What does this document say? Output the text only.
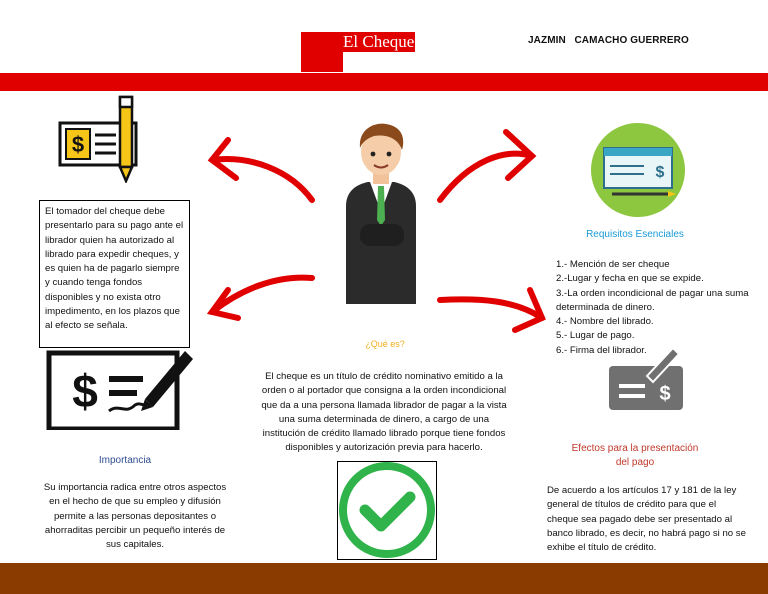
El Cheque	JAZMIN   CAMACHO GUERRERO
$
$
El tomador del cheque debe presentarlo para su pago ante el librador quien ha autorizado al librado para expedir cheques, y es quien ha de pagarlo siempre y cuando tenga fondos disponibles y no exista otro impedimento, en los plazos que al efecto se señala.
$
¿Qué es?
El cheque es un título de crédito nominativo emitido a la orden o al portador que consigna a la orden incondicional que da a una persona llamada librador de pagar a la vista una suma determinada de dinero, a cargo de una institución de crédito llamado librado porque tiene fondos disponibles y autorización previa para hacerlo.
Importancia
Su importancia radica entre otros aspectos en el hecho de que su empleo y difusión permite a las personas depositantes o ahorraditas percibir un pequeño interés de sus capitales.
Requisitos Esenciales
1.- Mención de ser cheque
2.-Lugar y fecha en que se expide.
3.-La orden incondicional de pagar una suma determinada de dinero.
4.- Nombre del librado.
5.- Lugar de pago.
6.- Firma del librador.
$
Efectos para la presentación del pago
De acuerdo a los artículos 17 y 181 de la ley general de títulos de crédito para que el cheque sea pagado debe ser presentado al banco librado, es decir, no habrá pago si no se exhibe el título de crédito.
